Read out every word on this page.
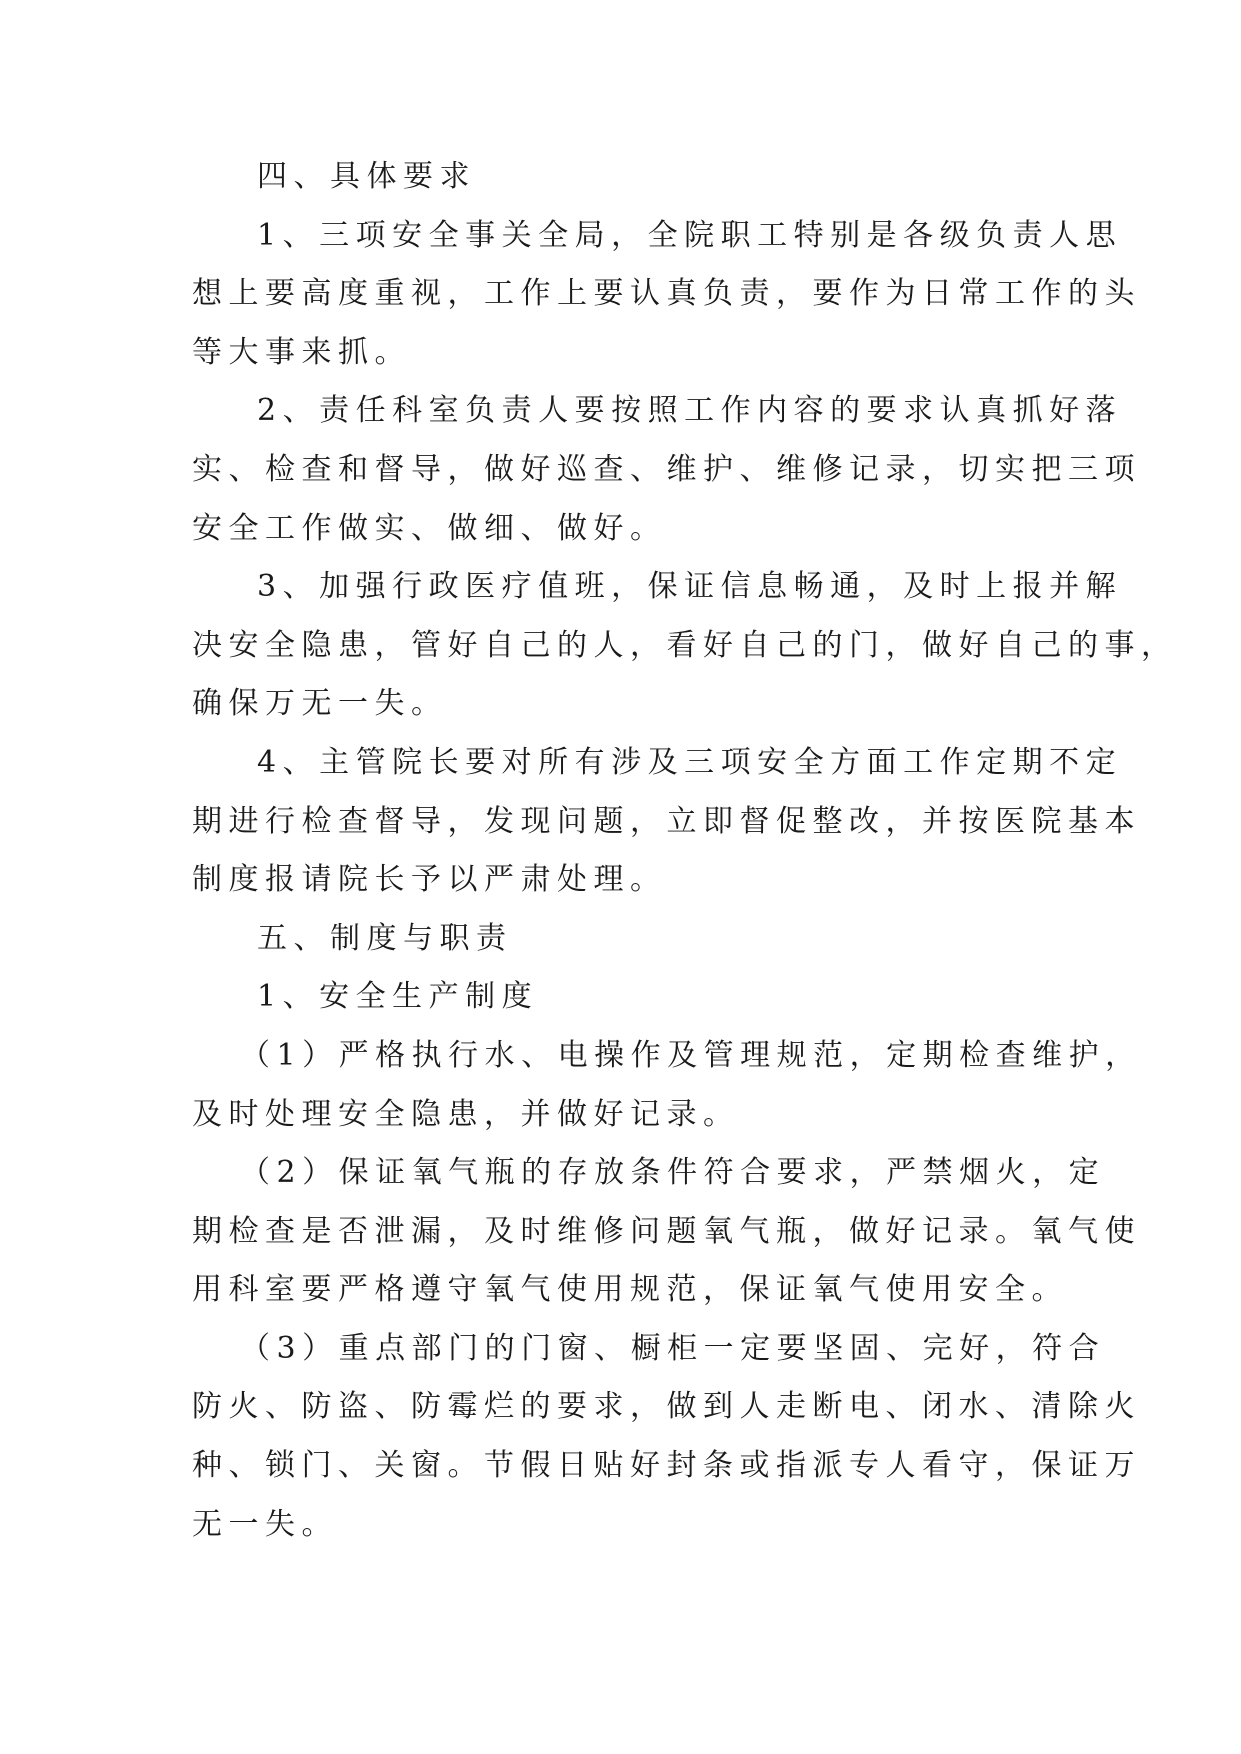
四、具体要求
1、三项安全事关全局，全院职工特别是各级负责人思
想上要高度重视，工作上要认真负责，要作为日常工作的头
等大事来抓。
2、责任科室负责人要按照工作内容的要求认真抓好落
实、检查和督导，做好巡查、维护、维修记录，切实把三项
安全工作做实、做细、做好。
3、加强行政医疗值班，保证信息畅通，及时上报并解
决安全隐患，管好自己的人，看好自己的门，做好自己的事，
确保万无一失。
4、主管院长要对所有涉及三项安全方面工作定期不定
期进行检查督导，发现问题，立即督促整改，并按医院基本
制度报请院长予以严肃处理。
五、制度与职责
1、安全生产制度
（1）严格执行水、电操作及管理规范，定期检查维护，
及时处理安全隐患，并做好记录。
（2）保证氧气瓶的存放条件符合要求，严禁烟火，定
期检查是否泄漏，及时维修问题氧气瓶，做好记录。氧气使
用科室要严格遵守氧气使用规范，保证氧气使用安全。
（3）重点部门的门窗、橱柜一定要坚固、完好，符合
防火、防盗、防霉烂的要求，做到人走断电、闭水、清除火
种、锁门、关窗。节假日贴好封条或指派专人看守，保证万
无一失。
